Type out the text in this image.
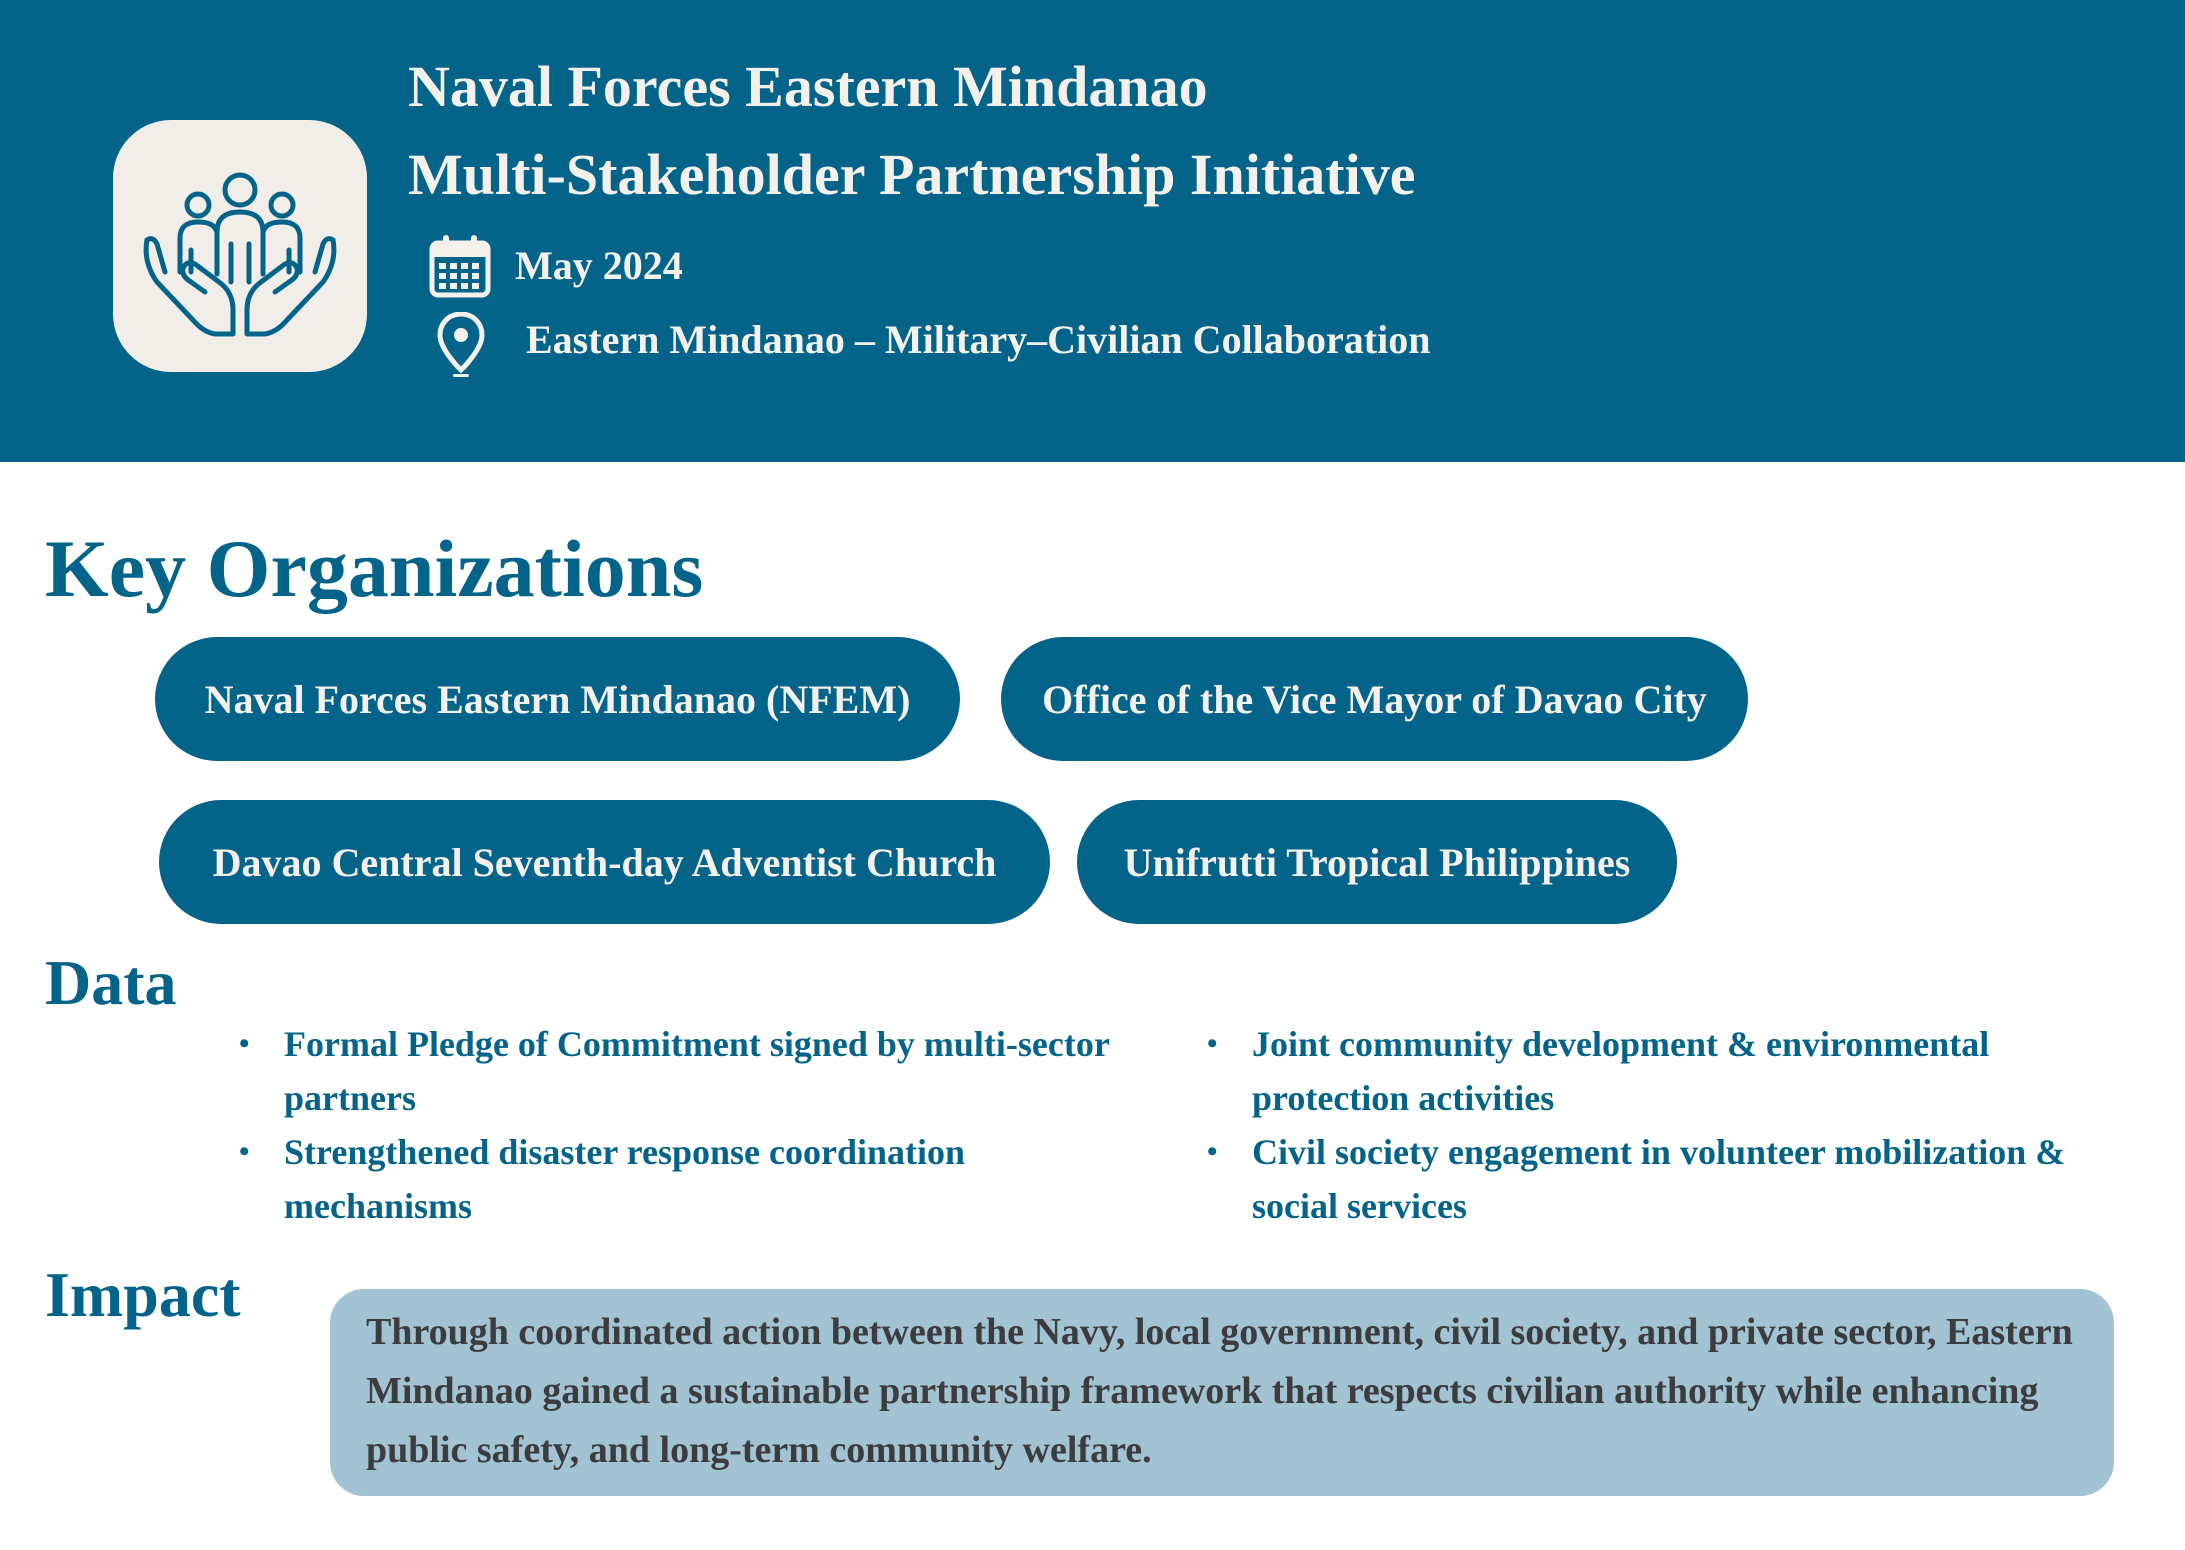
Naval Forces Eastern Mindanao
Multi-Stakeholder Partnership Initiative
May 2024
Eastern Mindanao – Military–Civilian Collaboration
Key Organizations
Naval Forces Eastern Mindanao (NFEM)	Office of the Vice Mayor of Davao City
Davao Central Seventh-day Adventist Church	Unifrutti Tropical Philippines
Data
• Formal Pledge of Commitment signed by multi-sector partners
• Strengthened disaster response coordination mechanisms
• Joint community development & environmental protection activities
• Civil society engagement in volunteer mobilization & social services
Impact

Through coordinated action between the Navy, local government, civil society, and private sector, Eastern Mindanao gained a sustainable partnership framework that respects civilian authority while enhancing public safety, and long-term community welfare.
